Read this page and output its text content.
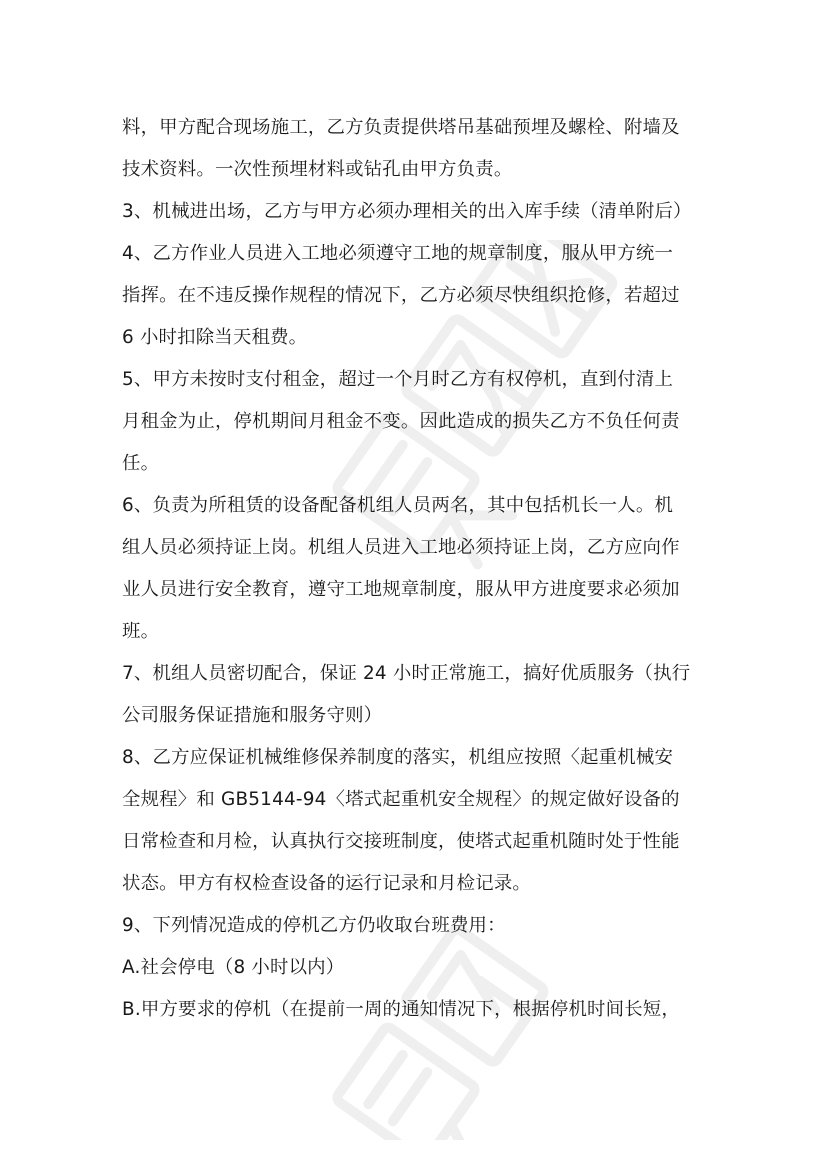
料，甲方配合现场施工，乙方负责提供塔吊基础预埋及螺栓、附墙及
技术资料。一次性预埋材料或钻孔由甲方负责。
3、机械进出场，乙方与甲方必须办理相关的出入库手续（清单附后）
4、乙方作业人员进入工地必须遵守工地的规章制度，服从甲方统一
指挥。在不违反操作规程的情况下，乙方必须尽快组织抢修，若超过
6 小时扣除当天租费。
5、甲方未按时支付租金，超过一个月时乙方有权停机，直到付清上
月租金为止，停机期间月租金不变。因此造成的损失乙方不负任何责
任。
6、负责为所租赁的设备配备机组人员两名，其中包括机长一人。机
组人员必须持证上岗。机组人员进入工地必须持证上岗，乙方应向作
业人员进行安全教育，遵守工地规章制度，服从甲方进度要求必须加
班。
7、机组人员密切配合，保证 24 小时正常施工，搞好优质服务（执行
公司服务保证措施和服务守则）
8、乙方应保证机械维修保养制度的落实，机组应按照〈起重机械安
全规程〉和 GB5144-94〈塔式起重机安全规程〉的规定做好设备的
日常检查和月检，认真执行交接班制度，使塔式起重机随时处于性能
状态。甲方有权检查设备的运行记录和月检记录。
9、下列情况造成的停机乙方仍收取台班费用：
A.社会停电（8 小时以内）
B.甲方要求的停机（在提前一周的通知情况下，根据停机时间长短，
